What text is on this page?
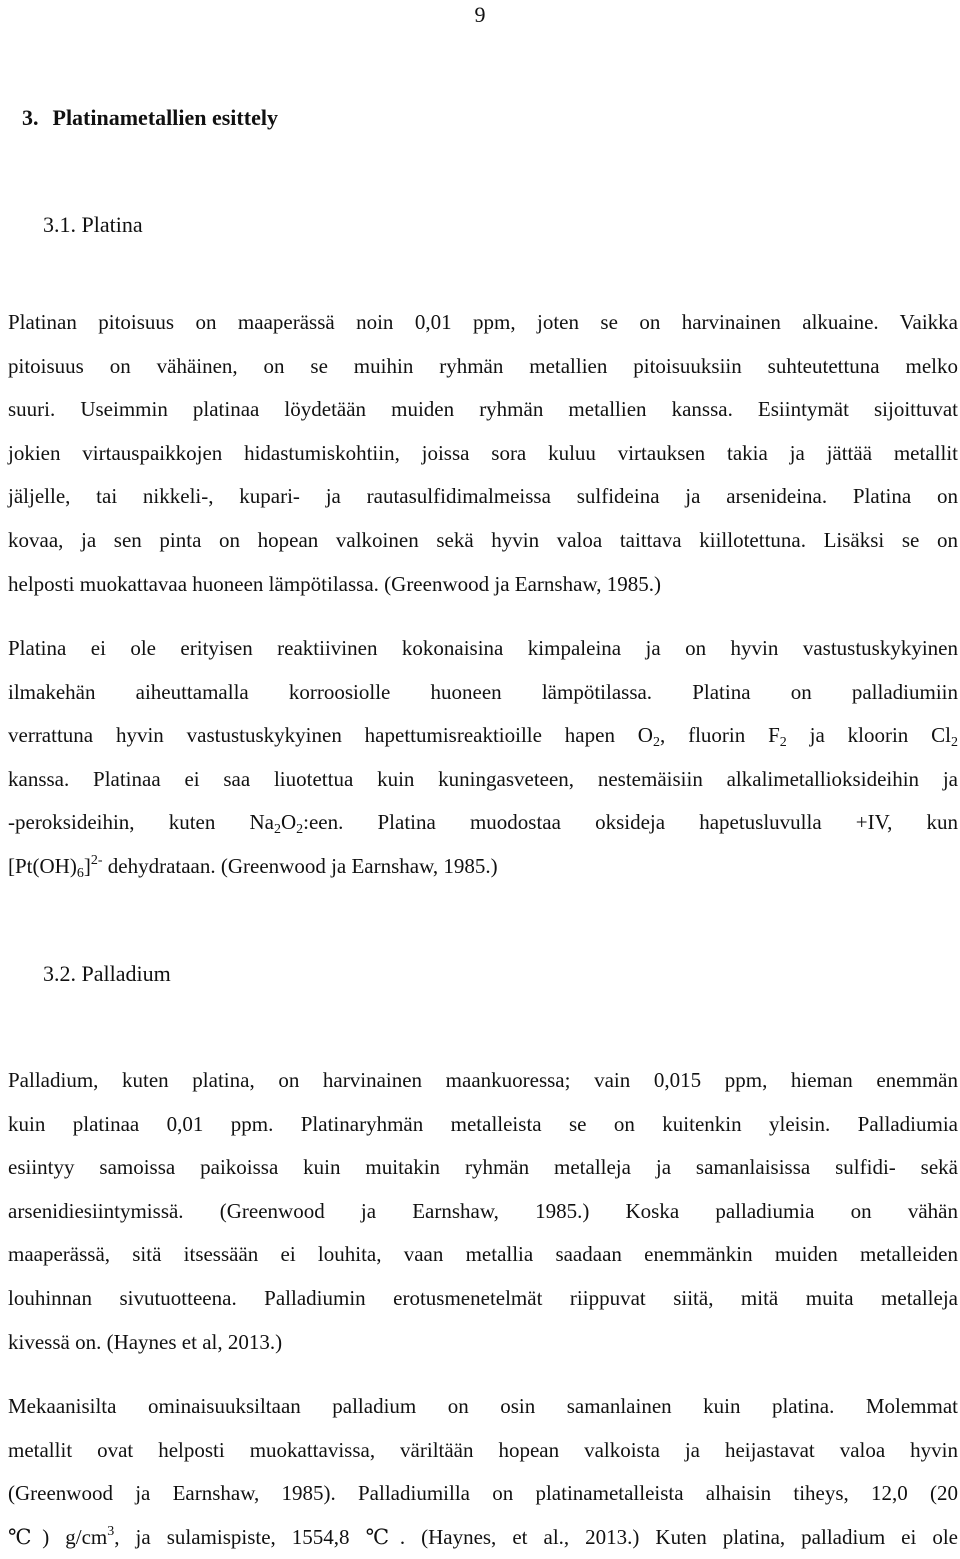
9
3. Platinametallien esittely
3.1. Platina
Platinan pitoisuus on maaperässä noin 0,01 ppm, joten se on harvinainen alkuaine. Vaikka
pitoisuus on vähäinen, on se muihin ryhmän metallien pitoisuuksiin suhteutettuna melko
suuri. Useimmin platinaa löydetään muiden ryhmän metallien kanssa. Esiintymät sijoittuvat
jokien virtauspaikkojen hidastumiskohtiin, joissa sora kuluu virtauksen takia ja jättää metallit
jäljelle, tai nikkeli-, kupari- ja rautasulfidimalmeissa sulfideina ja arsenideina. Platina on
kovaa, ja sen pinta on hopean valkoinen sekä hyvin valoa taittava kiillotettuna. Lisäksi se on
helposti muokattavaa huoneen lämpötilassa. (Greenwood ja Earnshaw, 1985.)
Platina ei ole erityisen reaktiivinen kokonaisina kimpaleina ja on hyvin vastustuskykyinen
ilmakehän aiheuttamalla korroosiolle huoneen lämpötilassa. Platina on palladiumiin
verrattuna hyvin vastustuskykyinen hapettumisreaktioille hapen $O_2$, fluorin $F_2$ ja kloorin $Cl_2$
kanssa. Platinaa ei saa liuotettua kuin kuningasveteen, nestemäisiin alkalimetallioksideihin ja
-peroksideihin, kuten $Na_2O_2:een$. Platina muodostaa oksideja hapetusluvulla +IV, kun
$[Pt(OH)_6]^{2-}$ dehydrataan. (Greenwood ja Earnshaw, 1985.)
3.2. Palladium
Palladium, kuten platina, on harvinainen maankuoressa; vain 0,015 ppm, hieman enemmän
kuin platinaa 0,01 ppm. Platinaryhmän metalleista se on kuitenkin yleisin. Palladiumia
esiintyy samoissa paikoissa kuin muitakin ryhmän metalleja ja samanlaisissa sulfidi- sekä
arsenidiesiintymissä. (Greenwood ja Earnshaw, 1985.) Koska palladiumia on vähän
maaperässä, sitä itsessään ei louhita, vaan metallia saadaan enemmänkin muiden metalleiden
louhinnan sivutuotteena. Palladiumin erotusmenetelmät riippuvat siitä, mitä muita metalleja
kivessä on. (Haynes et al, 2013.)
Mekaanisilta ominaisuuksiltaan palladium on osin samanlainen kuin platina. Molemmat
metallit ovat helposti muokattavissa, väriltään hopean valkoista ja heijastavat valoa hyvin
(Greenwood ja Earnshaw, 1985). Palladiumilla on platinametalleista alhaisin tiheys, 12,0 (20
℃) $g/cm^3$, ja sulamispiste, 1554,8 ℃. (Haynes, et al., 2013.) Kuten platina, palladium ei ole
